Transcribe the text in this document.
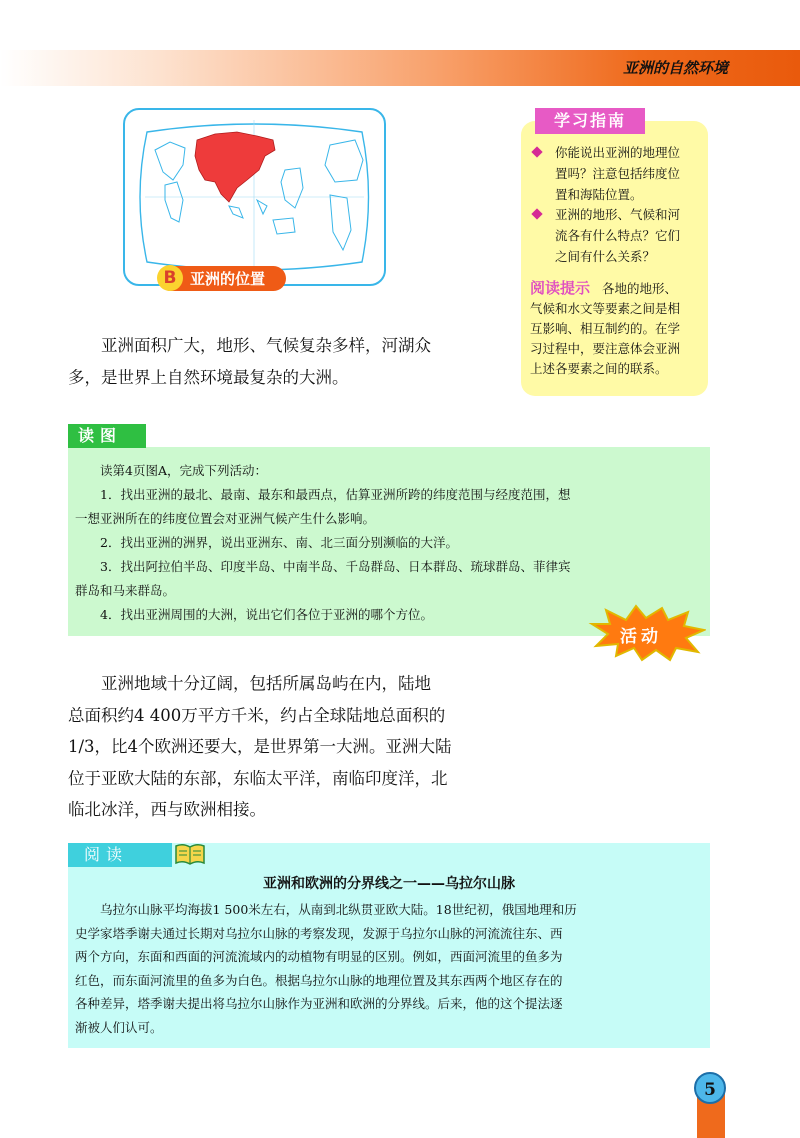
亚洲的自然环境
B 亚洲的位置
学习指南
你能说出亚洲的地理位
置吗？注意包括纬度位
置和海陆位置。
亚洲的地形、气候和河
流各有什么特点？它们
之间有什么关系？
阅读提示 各地的地形、
气候和水文等要素之间是相
互影响、相互制约的。在学
习过程中，要注意体会亚洲
上述各要素之间的联系。
亚洲面积广大，地形、气候复杂多样，河湖众
多，是世界上自然环境最复杂的大洲。
读图
读第4页图A，完成下列活动：
1．找出亚洲的最北、最南、最东和最西点，估算亚洲所跨的纬度范围与经度范围，想
一想亚洲所在的纬度位置会对亚洲气候产生什么影响。
2．找出亚洲的洲界，说出亚洲东、南、北三面分别濒临的大洋。
3．找出阿拉伯半岛、印度半岛、中南半岛、千岛群岛、日本群岛、琉球群岛、菲律宾
群岛和马来群岛。
4．找出亚洲周围的大洲，说出它们各位于亚洲的哪个方位。
活动
亚洲地域十分辽阔，包括所属岛屿在内，陆地
总面积约4 400万平方千米，约占全球陆地总面积的
1/3，比4个欧洲还要大，是世界第一大洲。亚洲大陆
位于亚欧大陆的东部，东临太平洋，南临印度洋，北
临北冰洋，西与欧洲相接。
阅读
亚洲和欧洲的分界线之一——乌拉尔山脉
乌拉尔山脉平均海拔1 500米左右，从南到北纵贯亚欧大陆。18世纪初，俄国地理和历
史学家塔季谢夫通过长期对乌拉尔山脉的考察发现，发源于乌拉尔山脉的河流流往东、西
两个方向，东面和西面的河流流域内的动植物有明显的区别。例如，西面河流里的鱼多为
红色，而东面河流里的鱼多为白色。根据乌拉尔山脉的地理位置及其东西两个地区存在的
各种差异，塔季谢夫提出将乌拉尔山脉作为亚洲和欧洲的分界线。后来，他的这个提法逐
渐被人们认可。
5
